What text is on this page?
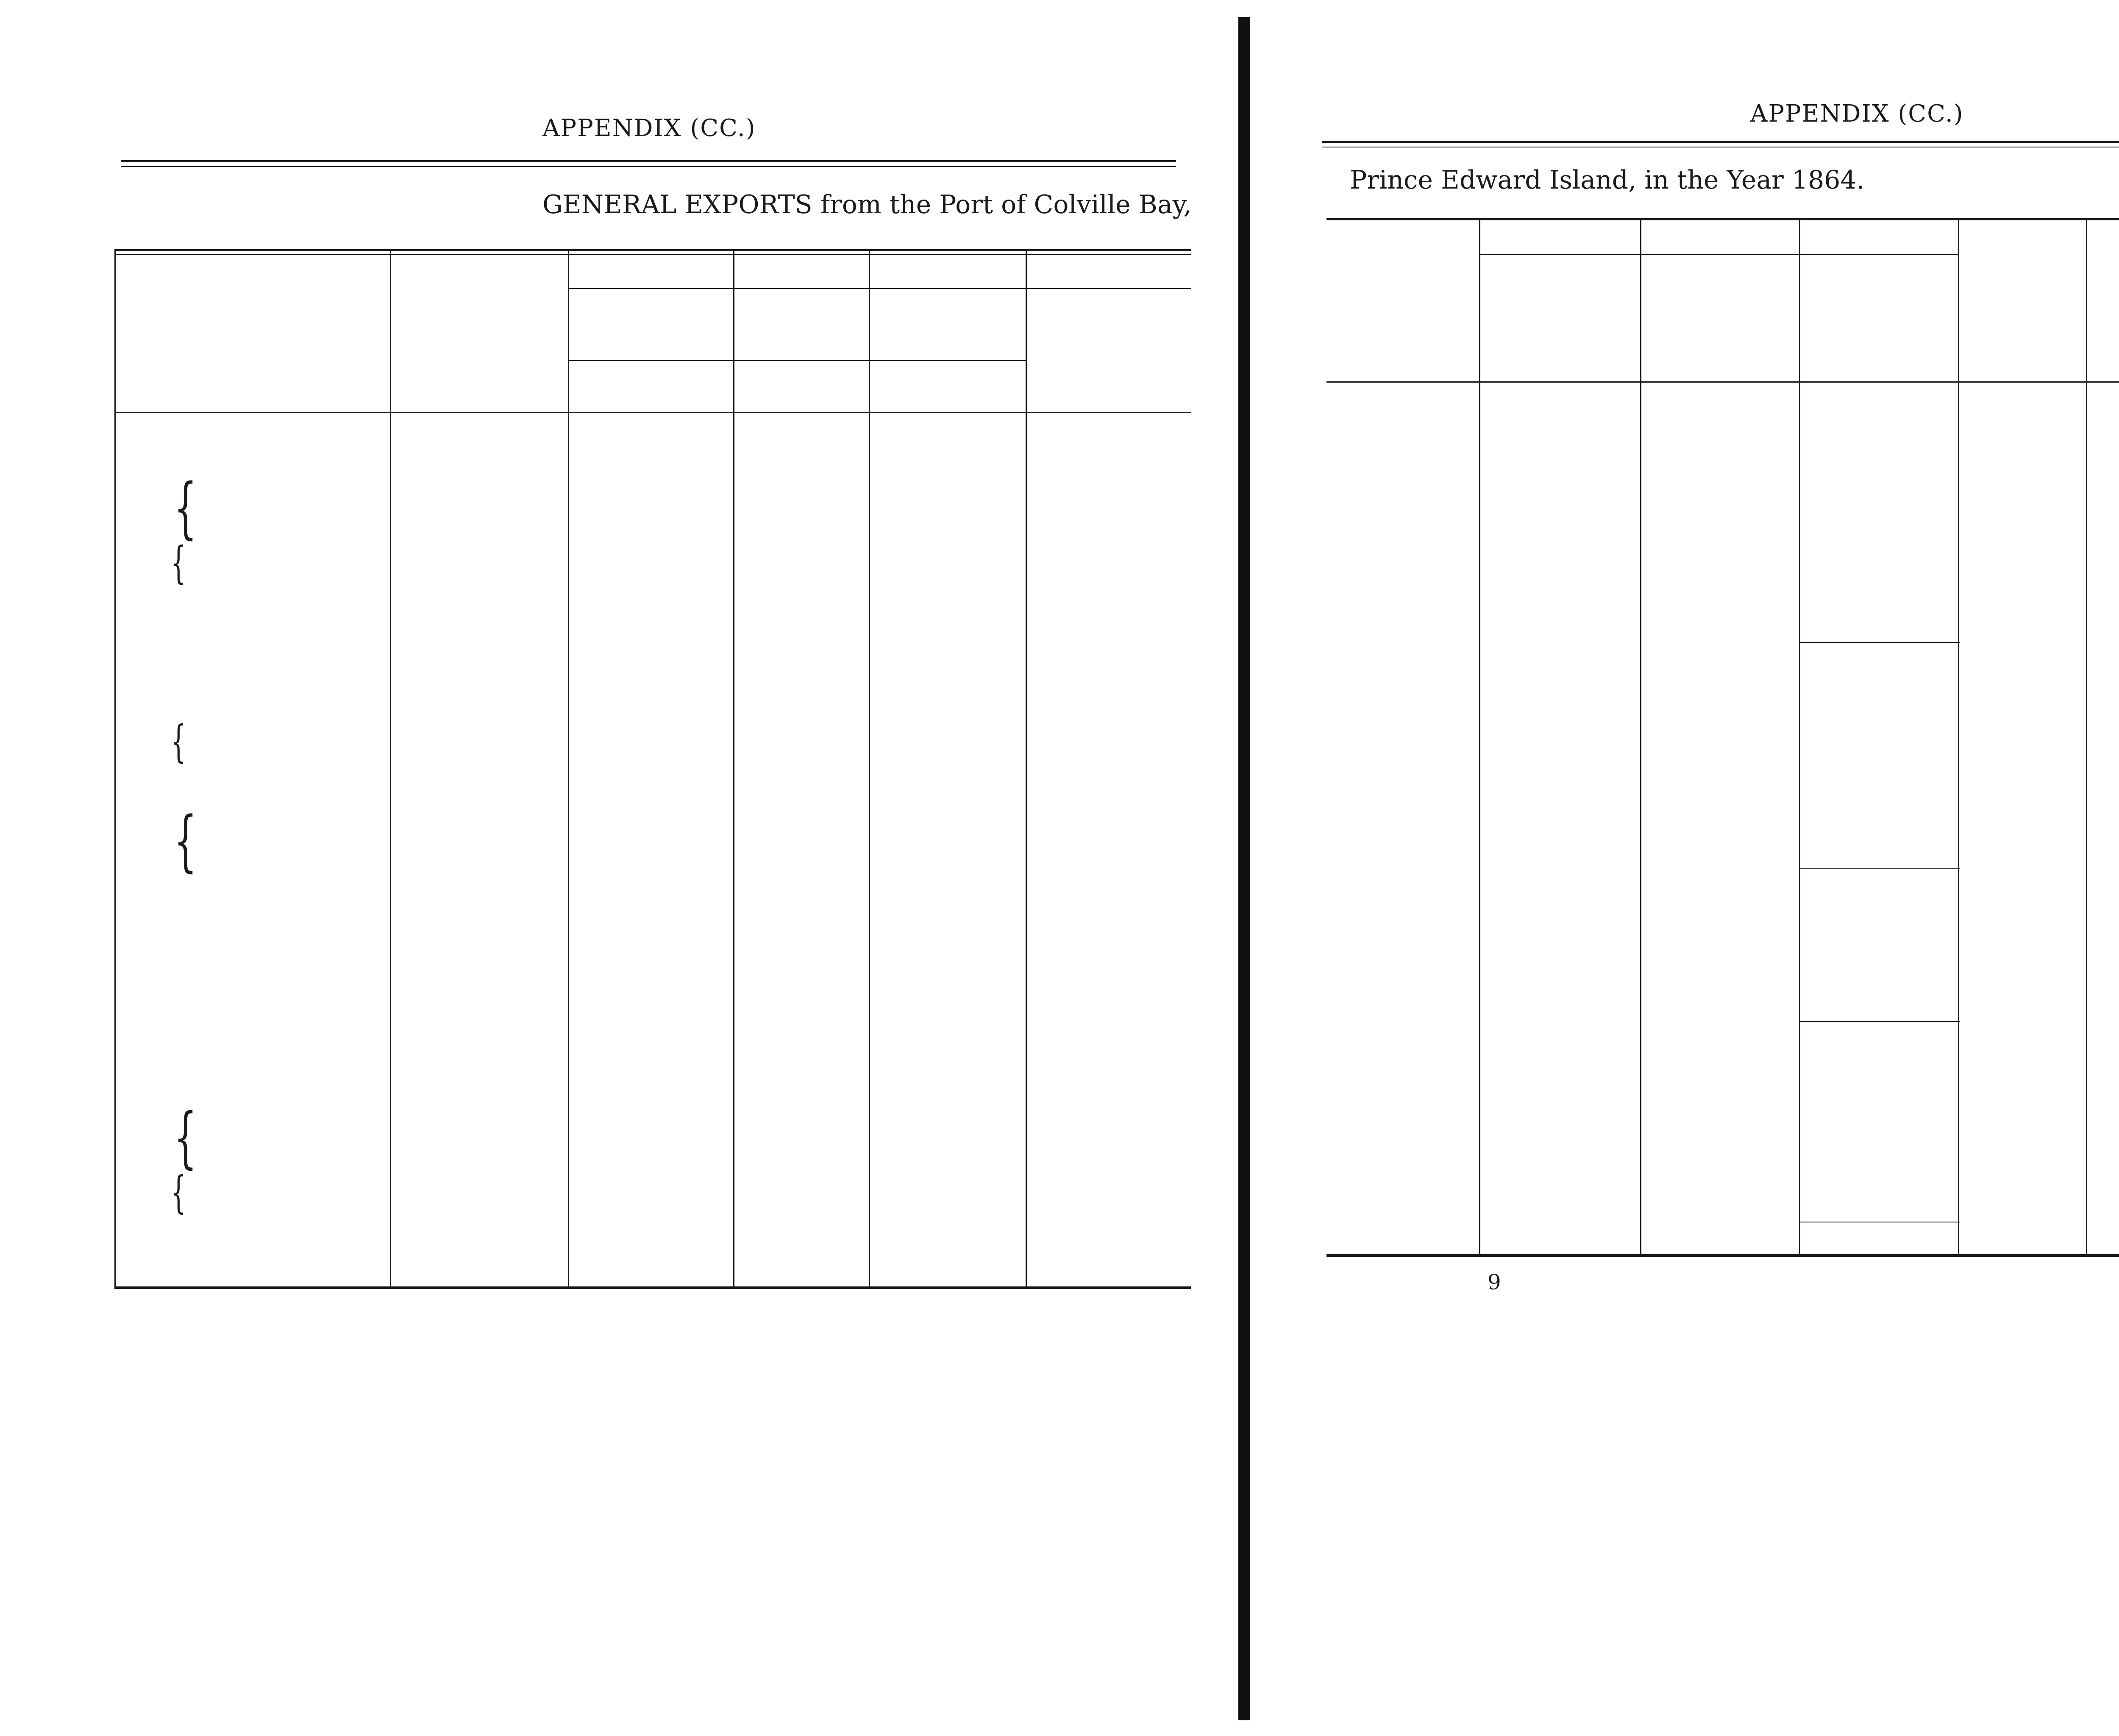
APPENDIX (CC.)
GENERAL EXPORTS from the Port of Colville Bay,
{
{
{
{
{
{
APPENDIX (CC.)
Prince Edward Island, in the Year 1864.
9
